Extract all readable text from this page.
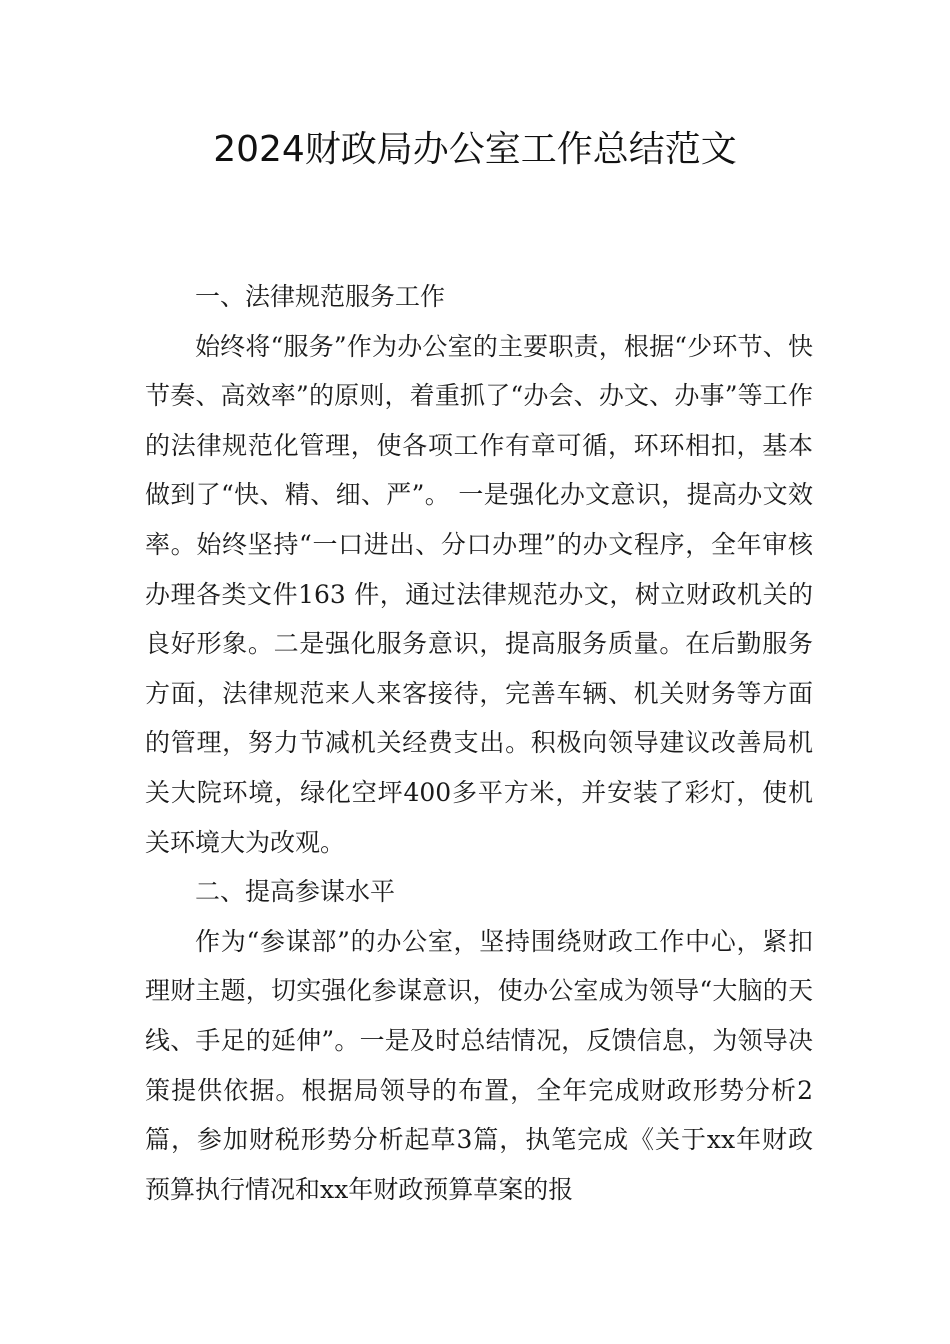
2024财政局办公室工作总结范文

一、法律规范服务工作

始终将“服务”作为办公室的主要职责，根据“少环节、快节奏、高效率”的原则，着重抓了“办会、办文、办事”等工作的法律规范化管理，使各项工作有章可循，环环相扣，基本做到了“快、精、细、严”。 一是强化办文意识，提高办文效率。始终坚持“一口进出、分口办理”的办文程序，全年审核办理各类文件163 件，通过法律规范办文，树立财政机关的良好形象。二是强化服务意识，提高服务质量。在后勤服务方面，法律规范来人来客接待，完善车辆、机关财务等方面的管理，努力节减机关经费支出。积极向领导建议改善局机关大院环境，绿化空坪400多平方米，并安装了彩灯，使机关环境大为改观。

二、提高参谋水平

作为“参谋部”的办公室，坚持围绕财政工作中心，紧扣理财主题，切实强化参谋意识，使办公室成为领导“大脑的天线、手足的延伸”。一是及时总结情况，反馈信息，为领导决策提供依据。根据局领导的布置，全年完成财政形势分析2篇，参加财税形势分析起草3篇，执笔完成《关于xx年财政预算执行情况和xx年财政预算草案的报
